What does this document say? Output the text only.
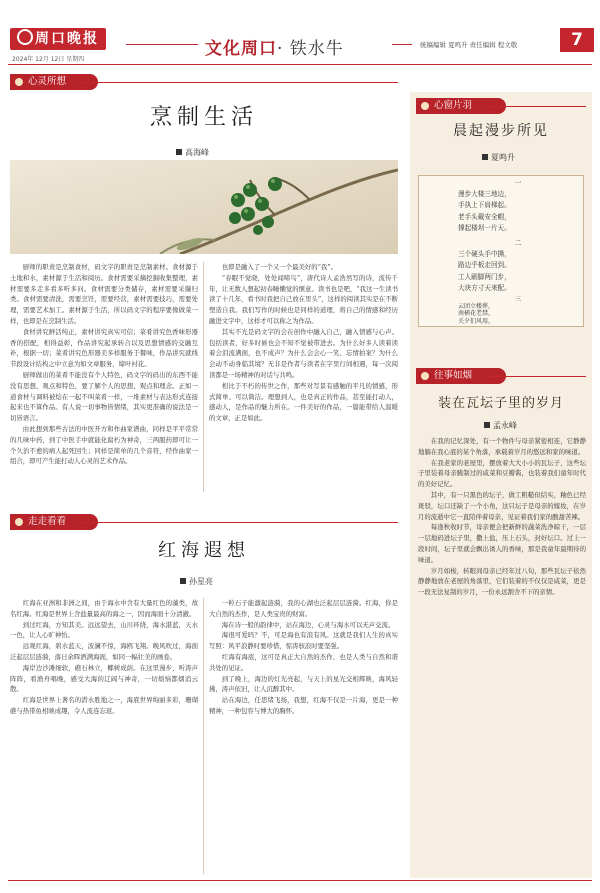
周口晚报
2024年 12月 12日 星期四
文化周口· 铁水牛	统稿编辑 夏鸣升 责任编辑 程文敬	7
心灵所想
烹制生活
高海峰

厨师的职责是烹制食材，码文字的职责是烹制素材。食材源于土地和水，素材源于生活和阅历。食材需要采摘挖掘收集整理，素材需要多走多看多听多问。食材需要分类储存，素材需要采撷归类。食材需要清洗，需要烹饪，需要经营，素材需要技巧，需要处理，需要艺术加工。素材源于生活，所以码文字的程序要像做菜一样，也即是在烹制生活。

食材讲究鲜活纯正，素材讲究真实可信；菜肴讲究色香味形器香的搭配，相得益彰，作品讲究起承转合以及思想情感的交融互补，根据一切；菜肴讲究色形器美多样服务于餐味，作品讲究就线节段设计结构之中立意为如文章服务，缔叶衬花。

厨师做出的菜肴不能没有个人特色，码文字的码出的东西不能没有思想、观点和特色，要了解个人的思想、观点和理念。正如一道食材与调料被烩在一起不叫菜肴一样，一堆素材与表达形式连接起来也不算作品。有人说一切事物皆情绪，其实更准确的说法是一切皆语言。

由此想到那些古法的中医开方和作曲家谱曲，同样是平平常常的几味中药，到了中医手中就能化腐朽为神奇，三两服药即可让一个久治不愈的病人起死回生；同样是简单的几个音符，经作曲家一组合，即可产生能打动人心灵的艺术作品。

也即是融入了一个又一个最美好的“我”。

“春眠不觉晓，处处闻啼鸟”，唐代诗人孟浩然写的诗，流传千年，让无数人想起初春睡懒觉的惬意。读书也是吧，“我这一生读书读了十几年，看书时我把自己放在里头”，这样的阅读其实是在不断塑造自我。我们写作的时候也是同样的道理，将自己的情感和经历融进文字中，这样才可以称之为作品。

其实不光是码文字的会在创作中融入自己，融入情感与心声。包括读者，好多时候也会不知不觉被带进去。为什么好多人读着读着会泪流满面，也不成声？为什么会会心一笑、忘情拍案？为什么会动不动身临其境？无非是作者与读者在字里行间相遇，每一次阅读都是一场精神的对话与共鸣。

相比于不朽的传世之作，那些对写景有感触的平凡的情感，形式简单、可以简洁。理想到人，也是真正的作品，甚至能打动人，感动人，是作品的魅力所在。一件美好的作品，一篇能带给人温暖的文章，正是如此。

走走看看
红海遐想
孙星亮

红海在亚洲和非洲之间，由于海水中含有大量红色的藻类，故名红海。红海是世界上含盐量最高的海之一，因而海面十分清澈。

到过红海，方知其美。远远望去，山川环绕，海水湛蓝，天水一色，让人心旷神怡。

远观红海，碧水蓝天，波澜不惊，海鸥飞翔。晚风吹过，海面泛起层层涟漪，落日余晖洒满海面，如同一幅壮美的画卷。

海岸边沙滩细软，礁石林立，椰树成荫。在这里漫步，听涛声阵阵，看渔舟唱晚，感受大海的辽阔与神奇，一切烦恼都烟消云散。

红海是世界上著名的潜水胜地之一，海底世界绚丽多彩，珊瑚礁与热带鱼相映成趣，令人流连忘返。

一粒石子能激起涟漪，我的心湖也泛起层层涟漪。红海，你是大自然的杰作，是人类宝贵的财富。

海在诗一般的韵律中，站在海边，心灵与海水可以无声交流。

海很可爱吗？不，可是海也有浪有风。这就是我们人生的真实写照：风平浪静时要珍惜，惊涛骇浪时要坚强。

红海有海底，这可是真正大自然的杰作，也是人类与自然和谐共处的见证。

到了晚上，海边的灯光亮起，与天上的星光交相辉映，海风轻拂，涛声依旧，让人沉醉其中。

站在海边，任思绪飞扬，我想，红海不仅是一片海，更是一种精神，一种包容与博大的胸怀。

心窗片羽
晨起漫步所见
夏鸣升
一
漫步大楼三地边，
手执上下肩梯起。
老手头戴安全帽，
撑起楼坝一片天。
二
三个硬头手中撕，
路边乎板走回到。
工人刷脚两门步，
大块方寸天来配。
三
云团立楼葬，
南横花老禁，
关夕们风用，
往事如烟
装在瓦坛子里的岁月
孟永峰

在我的记忆深处，有一个物件与母亲紧密相连，它静静地躺在我心底的某个角落，承载着岁月的悠远和家的味道。

在我老家的老屋里，摆放着大大小小的瓦坛子，这些坛子里装着母亲腌制过的咸菜和豆瓣酱，也装着我们童年时代的美好记忆。

其中，有一只黑色的坛子，做工粗糙但结实，釉色已经斑驳，坛口还缺了一个小角，这只坛子是母亲的嫁妆，在岁月的流逝中它一直陪伴着母亲，见证着我们家的酸甜苦辣。

每逢秋收时节，母亲便会把新鲜的蔬菜洗净晾干，一层一层地码进坛子里，撒上盐，压上石头，封好坛口。过上一段时间，坛子里就会飘出诱人的香味，那是我童年最期待的味道。

岁月如梭，转眼间母亲已经年过八旬，那些瓦坛子依然静静地放在老屋的角落里，它们装着的不仅仅是咸菜，更是一段无法复制的岁月，一份永远割舍不下的亲情。
